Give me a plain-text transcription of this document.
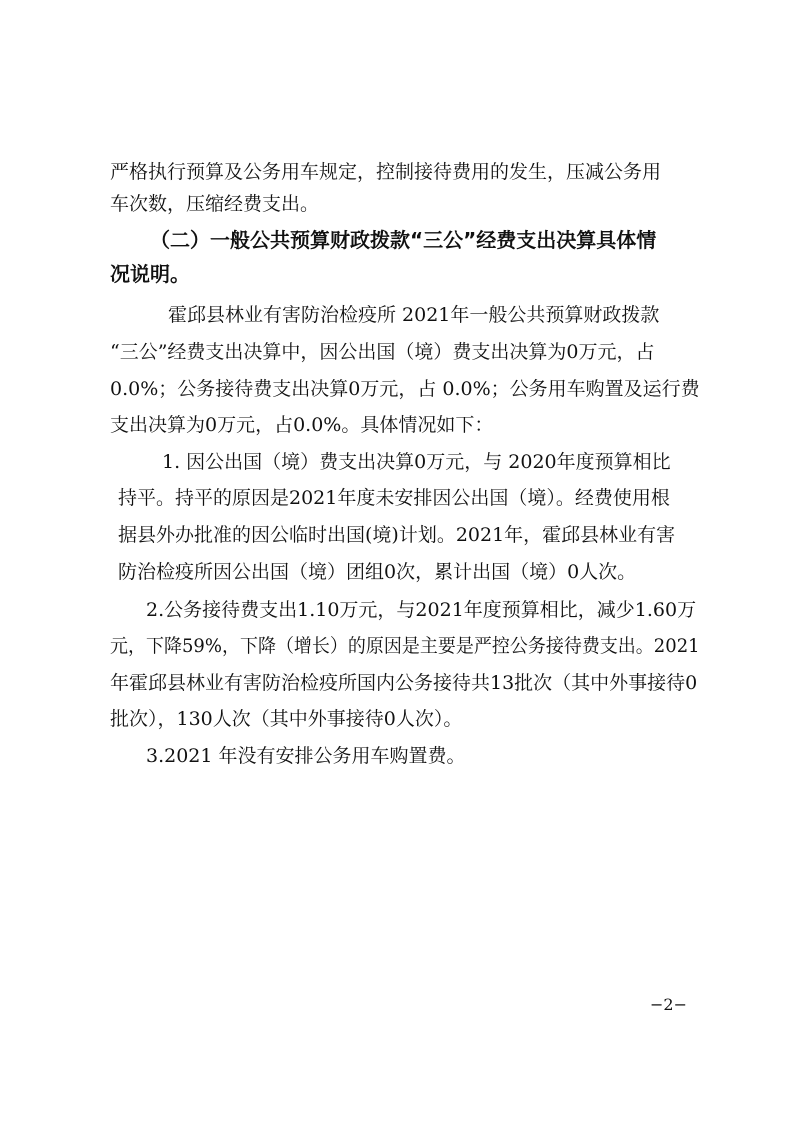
严格执行预算及公务用车规定，控制接待费用的发生，压减公务用
车次数，压缩经费支出。
（二）一般公共预算财政拨款“三公”经费支出决算具体情
况说明。
霍邱县林业有害防治检疫所 2021年一般公共预算财政拨款
“三公”经费支出决算中，因公出国（境）费支出决算为0万元，占
0.0%；公务接待费支出决算0万元，占 0.0%；公务用车购置及运行费
支出决算为0万元，占0.0%。具体情况如下：
1. 因公出国（境）费支出决算0万元，与 2020年度预算相比
持平。持平的原因是2021年度未安排因公出国（境）。经费使用根
据县外办批准的因公临时出国(境)计划。2021年，霍邱县林业有害
防治检疫所因公出国（境）团组0次，累计出国（境）0人次。
2.公务接待费支出1.10万元，与2021年度预算相比，减少1.60万
元，下降59%，下降（增长）的原因是主要是严控公务接待费支出。2021
年霍邱县林业有害防治检疫所国内公务接待共13批次（其中外事接待0
批次），130人次（其中外事接待0人次）。
3.2021 年没有安排公务用车购置费。
−2−
